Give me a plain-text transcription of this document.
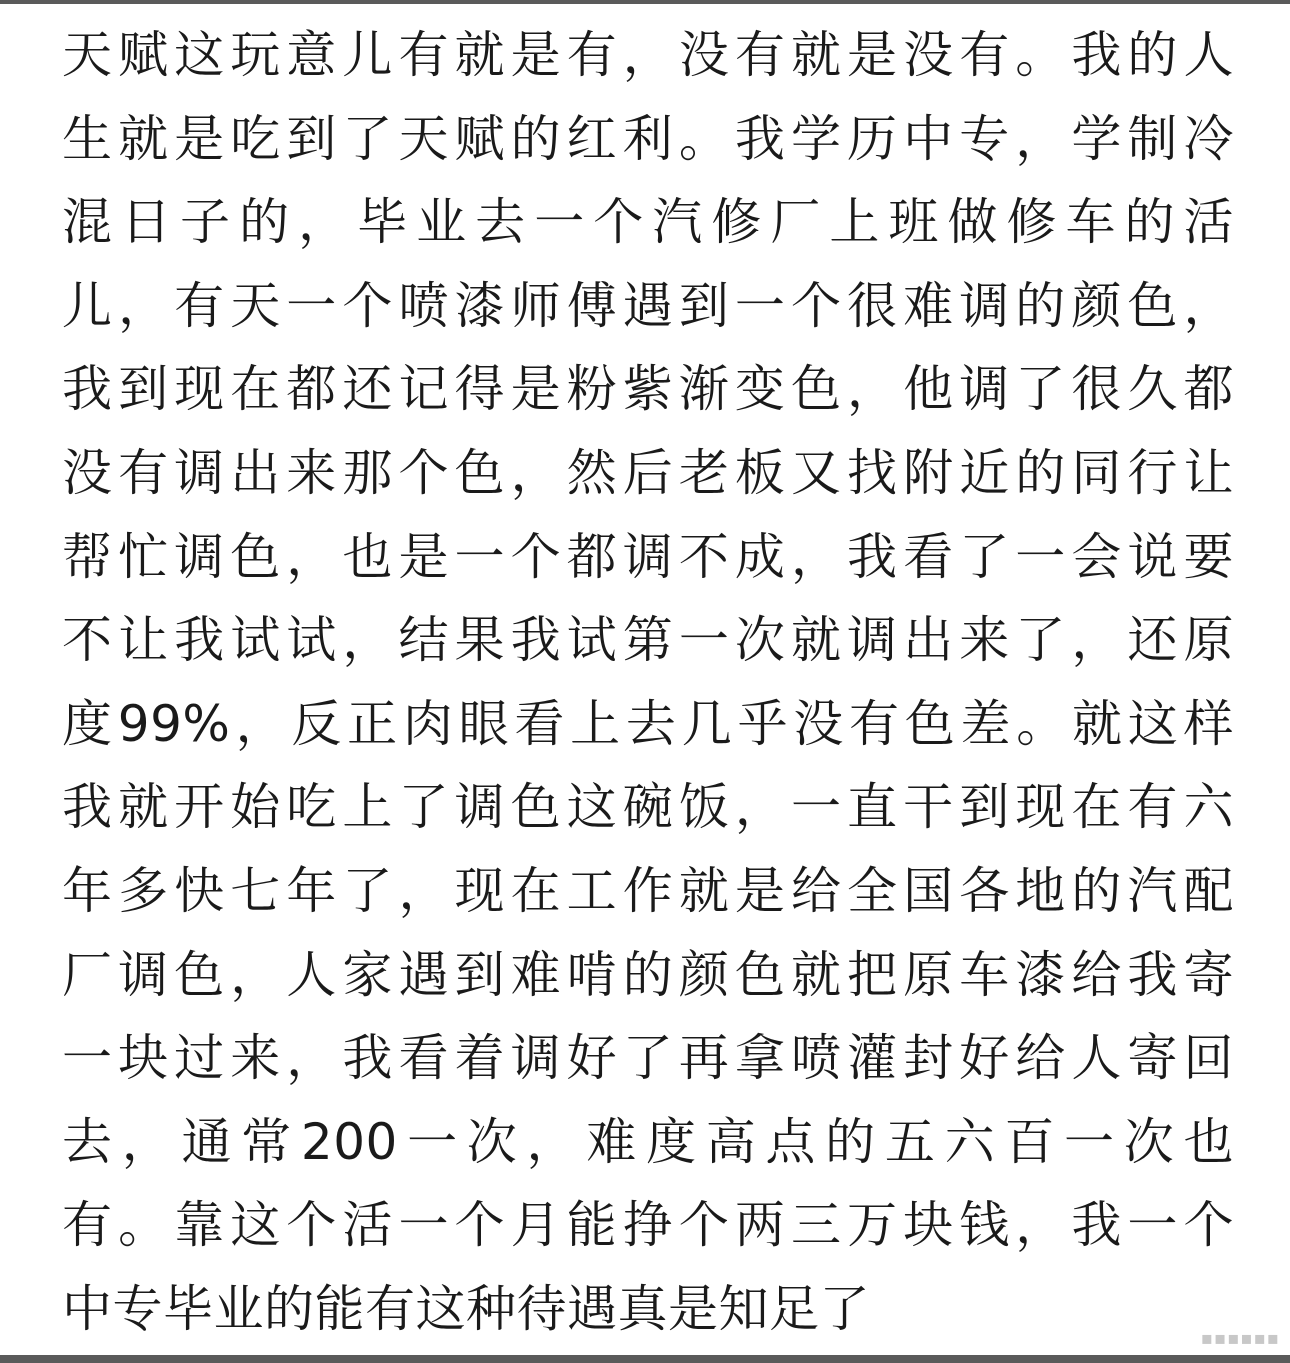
天赋这玩意儿有就是有，没有就是没有。我的人
生就是吃到了天赋的红利。我学历中专，学制冷
混日子的，毕业去一个汽修厂上班做修车的活
儿，有天一个喷漆师傅遇到一个很难调的颜色，
我到现在都还记得是粉紫渐变色，他调了很久都
没有调出来那个色，然后老板又找附近的同行让
帮忙调色，也是一个都调不成，我看了一会说要
不让我试试，结果我试第一次就调出来了，还原
度99%，反正肉眼看上去几乎没有色差。就这样
我就开始吃上了调色这碗饭，一直干到现在有六
年多快七年了，现在工作就是给全国各地的汽配
厂调色，人家遇到难啃的颜色就把原车漆给我寄
一块过来，我看着调好了再拿喷灌封好给人寄回
去，通常200一次，难度高点的五六百一次也
有。靠这个活一个月能挣个两三万块钱，我一个
中专毕业的能有这种待遇真是知足了
▪▪▪▪▪▪
